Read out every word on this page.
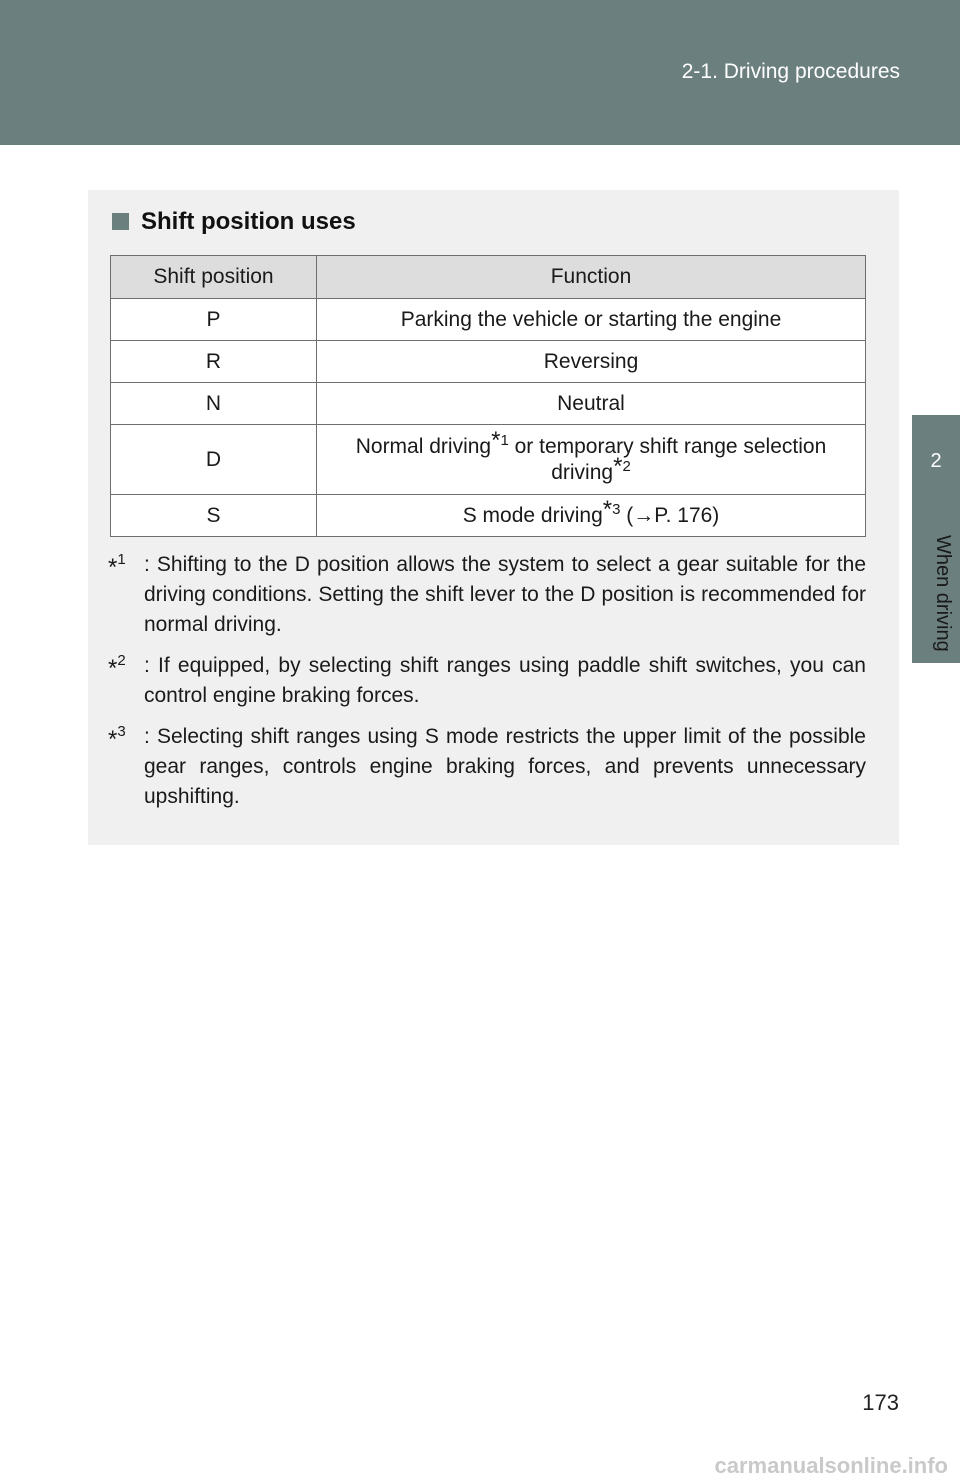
2-1. Driving procedures
2
When driving
Shift position uses
Shift position	Function
P	Parking the vehicle or starting the engine
R	Reversing
N	Neutral
D	Normal driving$^{*1}$ or temporary shift range selection driving$^{*2}$
S	S mode driving$^{*3}$ (→P. 176)
*$^1$ : Shifting to the D position allows the system to select a gear suitable for the driving conditions. Setting the shift lever to the D position is recommended for normal driving.
*$^2$ : If equipped, by selecting shift ranges using paddle shift switches, you can control engine braking forces.
*$^3$ : Selecting shift ranges using S mode restricts the upper limit of the possible gear ranges, controls engine braking forces, and prevents unnecessary upshifting.
173
carmanualsonline.info
